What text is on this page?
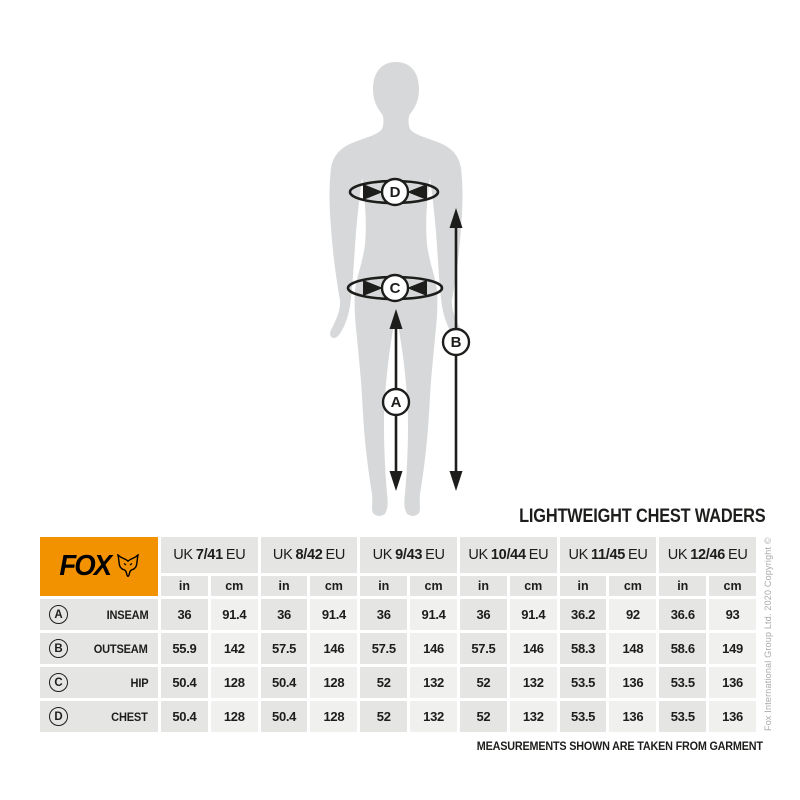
D
C
A
B
LIGHTWEIGHT CHEST WADERS
FOX	UK 7/41 EU UK 8/42 EU UK 9/43 EU UK 10/44 EU UK 11/45 EU UK 12/46 EU
in	cm	in	cm	in	cm	in	cm	in	cm	in	cm
A	INSEAM	36	91.4	36	91.4	36	91.4	36	91.4	36.2	92	36.6	93
B	OUTSEAM	55.9	142	57.5	146	57.5	146	57.5	146	58.3	148	58.6	149
C	HIP	50.4	128	50.4	128	52	132	52	132	53.5	136	53.5	136
D	CHEST	50.4	128	50.4	128	52	132	52	132	53.5	136	53.5	136
MEASUREMENTS SHOWN ARE TAKEN FROM GARMENT
Fox International Group Ltd. 2020 Copyright ©
